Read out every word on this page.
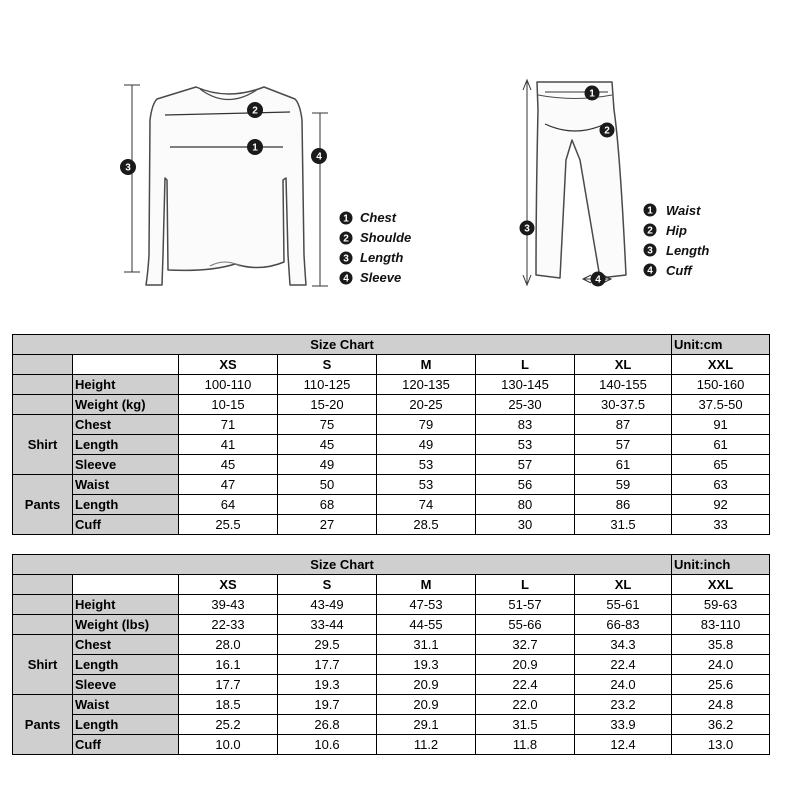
2
1
3
4
1 Chest
2 Shoulde
3 Length
4 Sleeve
1
2
3
4
1 Waist
2 Hip
3 Length
4 Cuff
Size Chart							Unit:cm
		XS	S	M	L	XL	XXL
	Height	100-110	110-125	120-135	130-145	140-155	150-160
	Weight (kg)	10-15	15-20	20-25	25-30	30-37.5	37.5-50
Shirt	Chest	71	75	79	83	87	91
	Length	41	45	49	53	57	61
	Sleeve	45	49	53	57	61	65
Pants	Waist	47	50	53	56	59	63
	Length	64	68	74	80	86	92
	Cuff	25.5	27	28.5	30	31.5	33
Size Chart							Unit:inch
		XS	S	M	L	XL	XXL
	Height	39-43	43-49	47-53	51-57	55-61	59-63
	Weight (lbs)	22-33	33-44	44-55	55-66	66-83	83-110
Shirt	Chest	28.0	29.5	31.1	32.7	34.3	35.8
	Length	16.1	17.7	19.3	20.9	22.4	24.0
	Sleeve	17.7	19.3	20.9	22.4	24.0	25.6
Pants	Waist	18.5	19.7	20.9	22.0	23.2	24.8
	Length	25.2	26.8	29.1	31.5	33.9	36.2
	Cuff	10.0	10.6	11.2	11.8	12.4	13.0
